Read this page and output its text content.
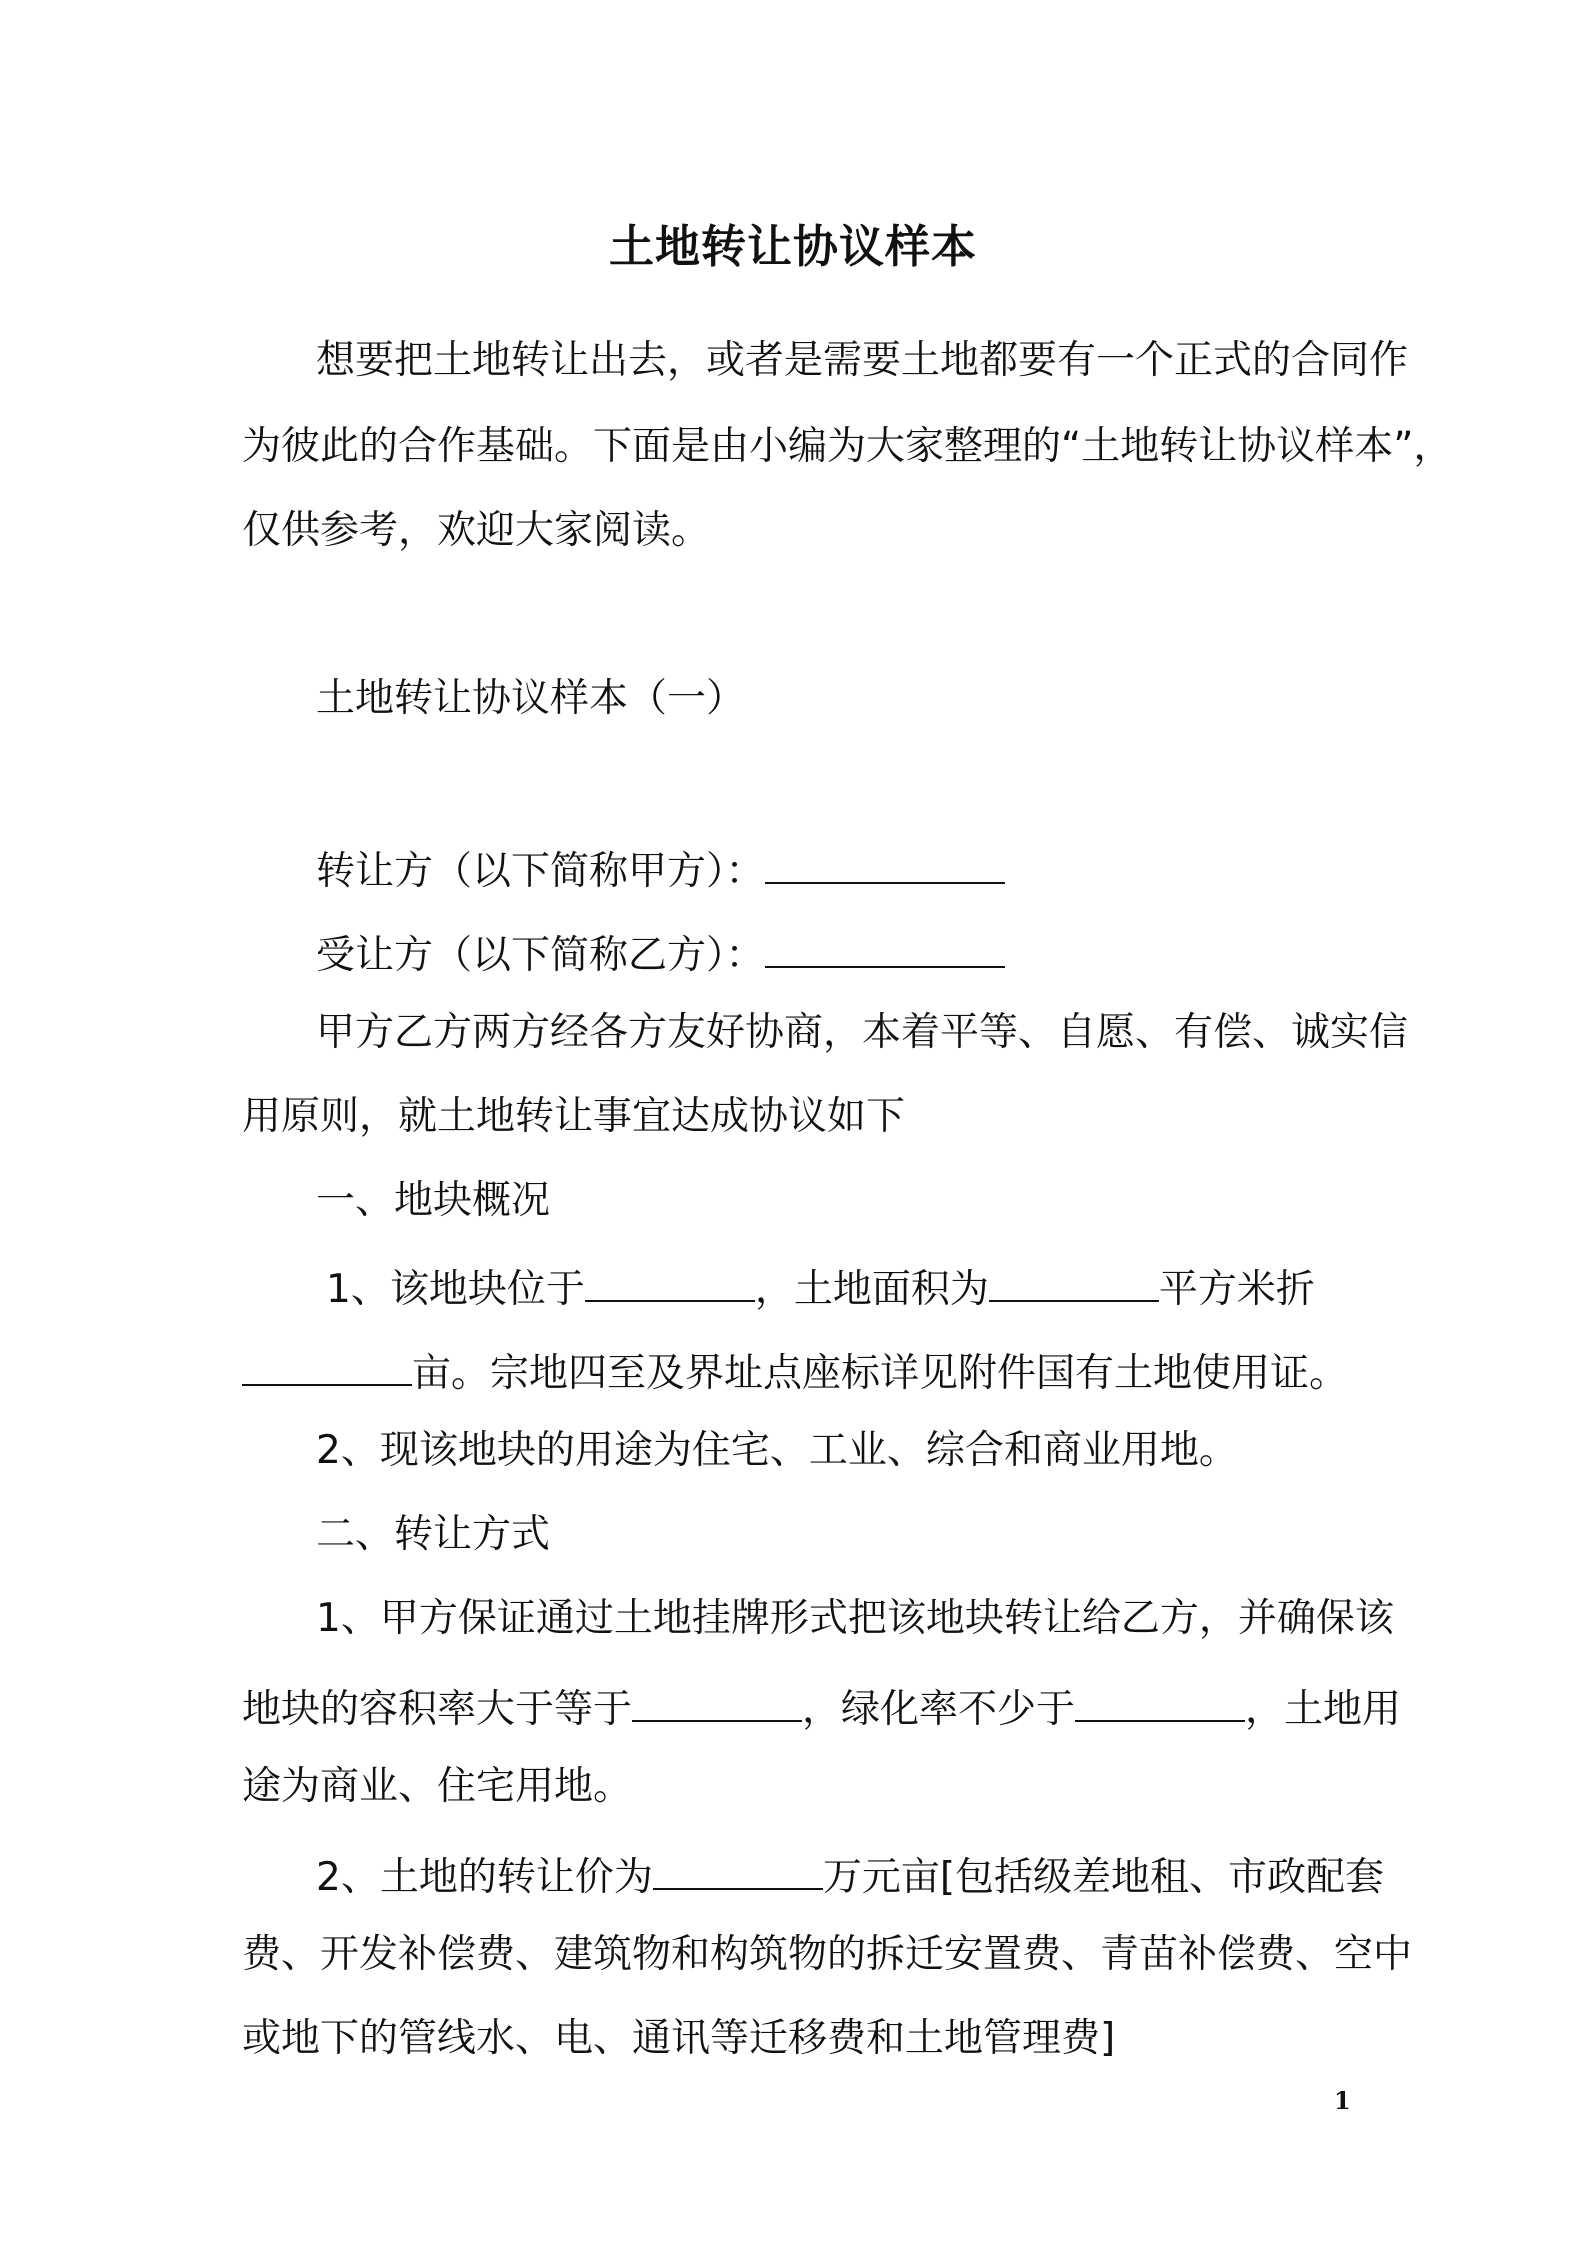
土地转让协议样本
想要把土地转让出去，或者是需要土地都要有一个正式的合同作
为彼此的合作基础。下面是由小编为大家整理的“土地转让协议样本”，
仅供参考，欢迎大家阅读。
土地转让协议样本（一）
转让方（以下简称甲方）：
受让方（以下简称乙方）：
甲方乙方两方经各方友好协商，本着平等、自愿、有偿、诚实信
用原则，就土地转让事宜达成协议如下
一、地块概况
1、该地块位于	，土地面积为	平方米折
亩。宗地四至及界址点座标详见附件国有土地使用证。
2、现该地块的用途为住宅、工业、综合和商业用地。
二、转让方式
1、甲方保证通过土地挂牌形式把该地块转让给乙方，并确保该
地块的容积率大于等于	，绿化率不少于	，土地用
途为商业、住宅用地。
2、土地的转让价为	万元亩[包括级差地租、市政配套
费、开发补偿费、建筑物和构筑物的拆迁安置费、青苗补偿费、空中
或地下的管线水、电、通讯等迁移费和土地管理费]
1
